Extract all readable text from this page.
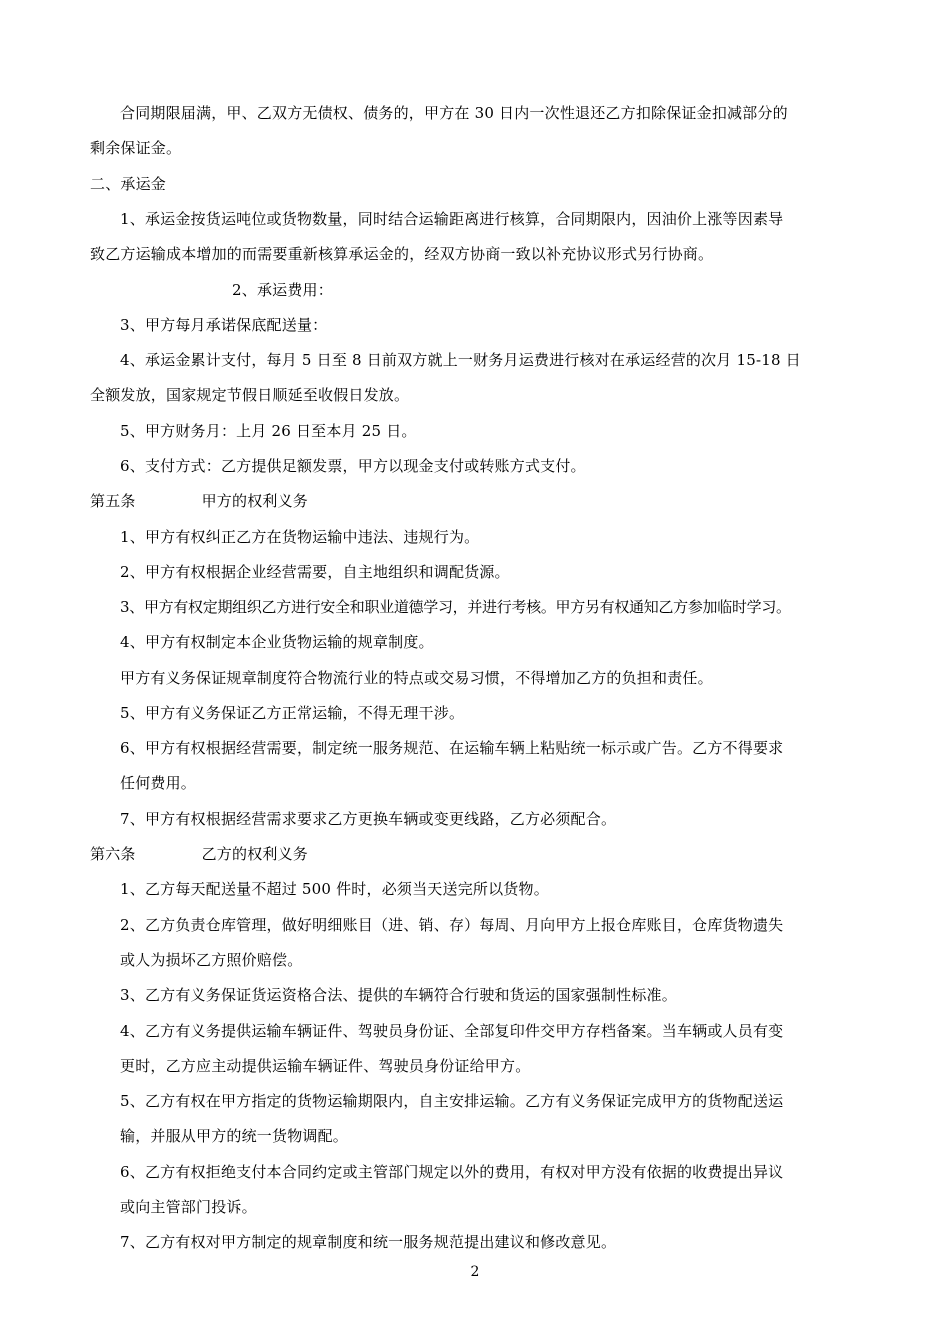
合同期限届满，甲、乙双方无债权、债务的，甲方在 30 日内一次性退还乙方扣除保证金扣减部分的
剩余保证金。
二、承运金
1、承运金按货运吨位或货物数量，同时结合运输距离进行核算，合同期限内，因油价上涨等因素导
致乙方运输成本增加的而需要重新核算承运金的，经双方协商一致以补充协议形式另行协商。
2、承运费用：
3、甲方每月承诺保底配送量：
4、承运金累计支付，每月 5 日至 8 日前双方就上一财务月运费进行核对在承运经营的次月 15-18 日
全额发放，国家规定节假日顺延至收假日发放。
5、甲方财务月：上月 26 日至本月 25 日。
6、支付方式：乙方提供足额发票，甲方以现金支付或转账方式支付。
第五条	甲方的权利义务
1、甲方有权纠正乙方在货物运输中违法、违规行为。
2、甲方有权根据企业经营需要，自主地组织和调配货源。
3、甲方有权定期组织乙方进行安全和职业道德学习，并进行考核。甲方另有权通知乙方参加临时学习。
4、甲方有权制定本企业货物运输的规章制度。
甲方有义务保证规章制度符合物流行业的特点或交易习惯，不得增加乙方的负担和责任。
5、甲方有义务保证乙方正常运输，不得无理干涉。
6、甲方有权根据经营需要，制定统一服务规范、在运输车辆上粘贴统一标示或广告。乙方不得要求
任何费用。
7、甲方有权根据经营需求要求乙方更换车辆或变更线路，乙方必须配合。
第六条	乙方的权利义务
1、乙方每天配送量不超过 500 件时，必须当天送完所以货物。
2、乙方负责仓库管理，做好明细账目（进、销、存）每周、月向甲方上报仓库账目，仓库货物遗失
或人为损坏乙方照价赔偿。
3、乙方有义务保证货运资格合法、提供的车辆符合行驶和货运的国家强制性标准。
4、乙方有义务提供运输车辆证件、驾驶员身份证、全部复印件交甲方存档备案。当车辆或人员有变
更时，乙方应主动提供运输车辆证件、驾驶员身份证给甲方。
5、乙方有权在甲方指定的货物运输期限内，自主安排运输。乙方有义务保证完成甲方的货物配送运
输，并服从甲方的统一货物调配。
6、乙方有权拒绝支付本合同约定或主管部门规定以外的费用，有权对甲方没有依据的收费提出异议
或向主管部门投诉。
7、乙方有权对甲方制定的规章制度和统一服务规范提出建议和修改意见。
2
